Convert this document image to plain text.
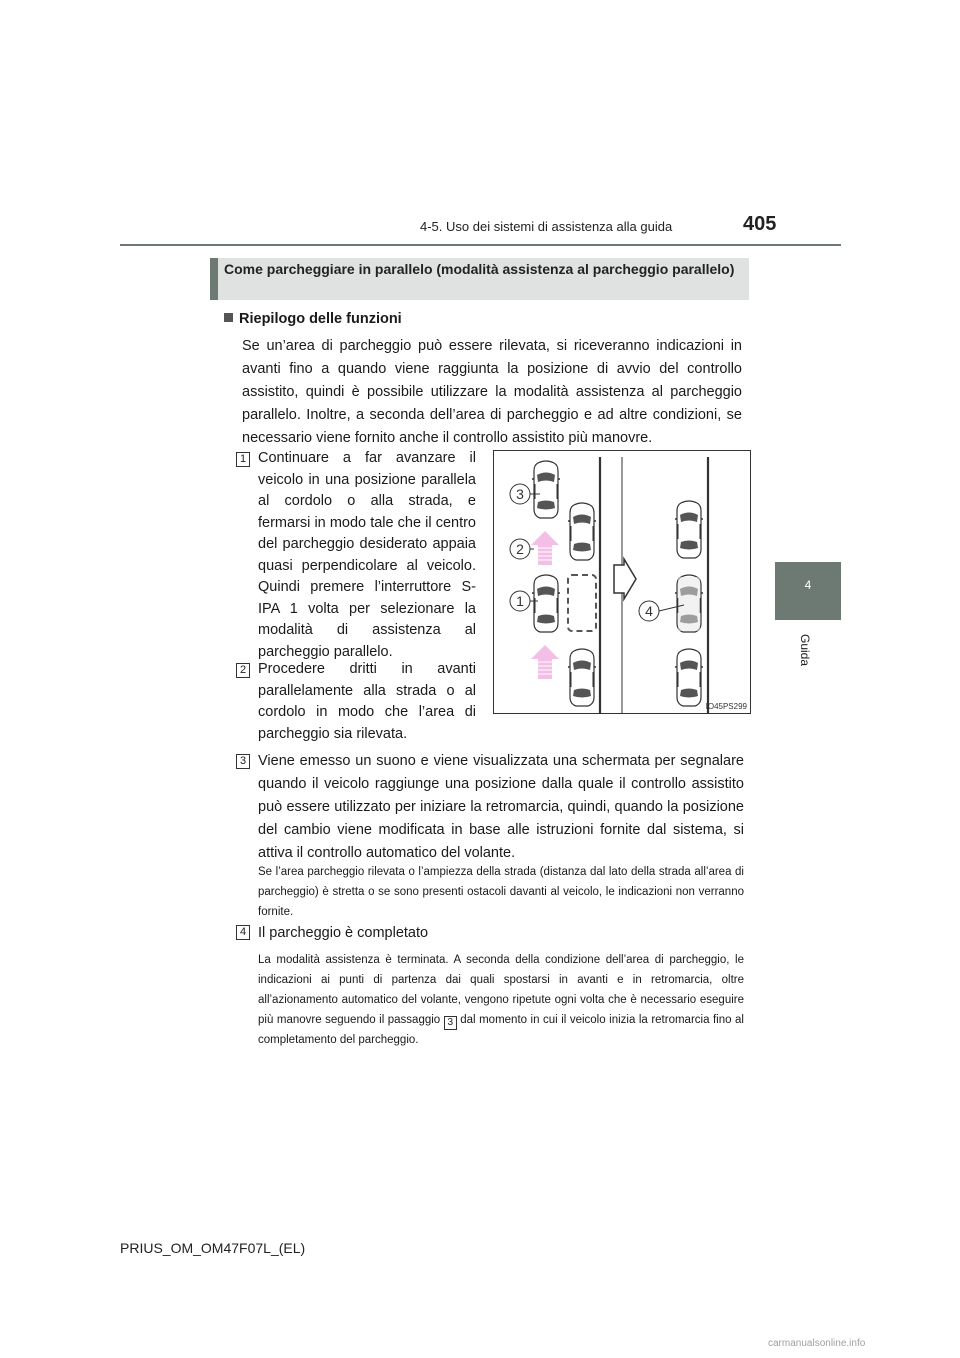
4-5. Uso dei sistemi di assistenza alla guida	405
4
Guida
Come parcheggiare in parallelo (modalità assistenza al parcheggio parallelo)
Riepilogo delle funzioni
Se un’area di parcheggio può essere rilevata, si riceveranno indicazioni in avanti fino a quando viene raggiunta la posizione di avvio del controllo assistito, quindi è possibile utilizzare la modalità assistenza al parcheggio parallelo. Inoltre, a seconda dell’area di parcheggio e ad altre condizioni, se necessario viene fornito anche il controllo assistito più manovre.
1 Continuare a far avanzare il veicolo in una posizione parallela al cordolo o alla strada, e fermarsi in modo tale che il centro del parcheggio desiderato appaia quasi perpendicolare al veicolo. Quindi premere l’interruttore S-IPA 1 volta per selezionare la modalità di assistenza al parcheggio parallelo.
2 Procedere dritti in avanti parallelamente alla strada o al cordolo in modo che l’area di parcheggio sia rilevata.
3
2
1
4
IO45PS299
3 Viene emesso un suono e viene visualizzata una schermata per segnalare quando il veicolo raggiunge una posizione dalla quale il controllo assistito può essere utilizzato per iniziare la retromarcia, quindi, quando la posizione del cambio viene modificata in base alle istruzioni fornite dal sistema, si attiva il controllo automatico del volante.
Se l’area parcheggio rilevata o l’ampiezza della strada (distanza dal lato della strada all’area di parcheggio) è stretta o se sono presenti ostacoli davanti al veicolo, le indicazioni non verranno fornite.
4 Il parcheggio è completato
La modalità assistenza è terminata. A seconda della condizione dell’area di parcheggio, le indicazioni ai punti di partenza dai quali spostarsi in avanti e in retromarcia, oltre all’azionamento automatico del volante, vengono ripetute ogni volta che è necessario eseguire più manovre seguendo il passaggio 3 dal momento in cui il veicolo inizia la retromarcia fino al completamento del parcheggio.
PRIUS_OM_OM47F07L_(EL)
carmanualsonline.info
